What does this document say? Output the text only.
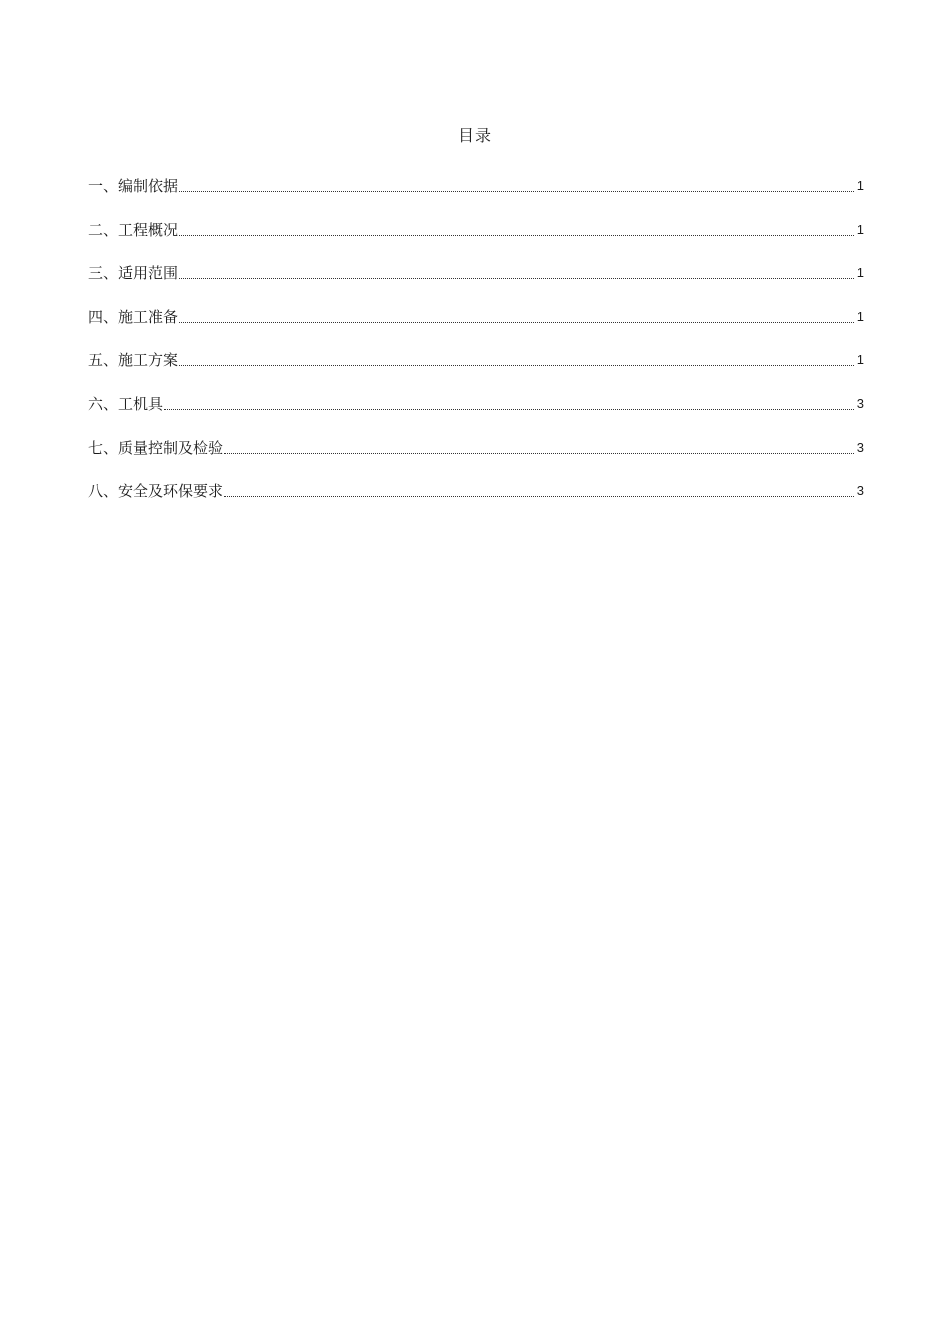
目录
一、编制依据	1
二、工程概况	1
三、适用范围	1
四、施工准备	1
五、施工方案	1
六、工机具	3
七、质量控制及检验	3
八、安全及环保要求	3
